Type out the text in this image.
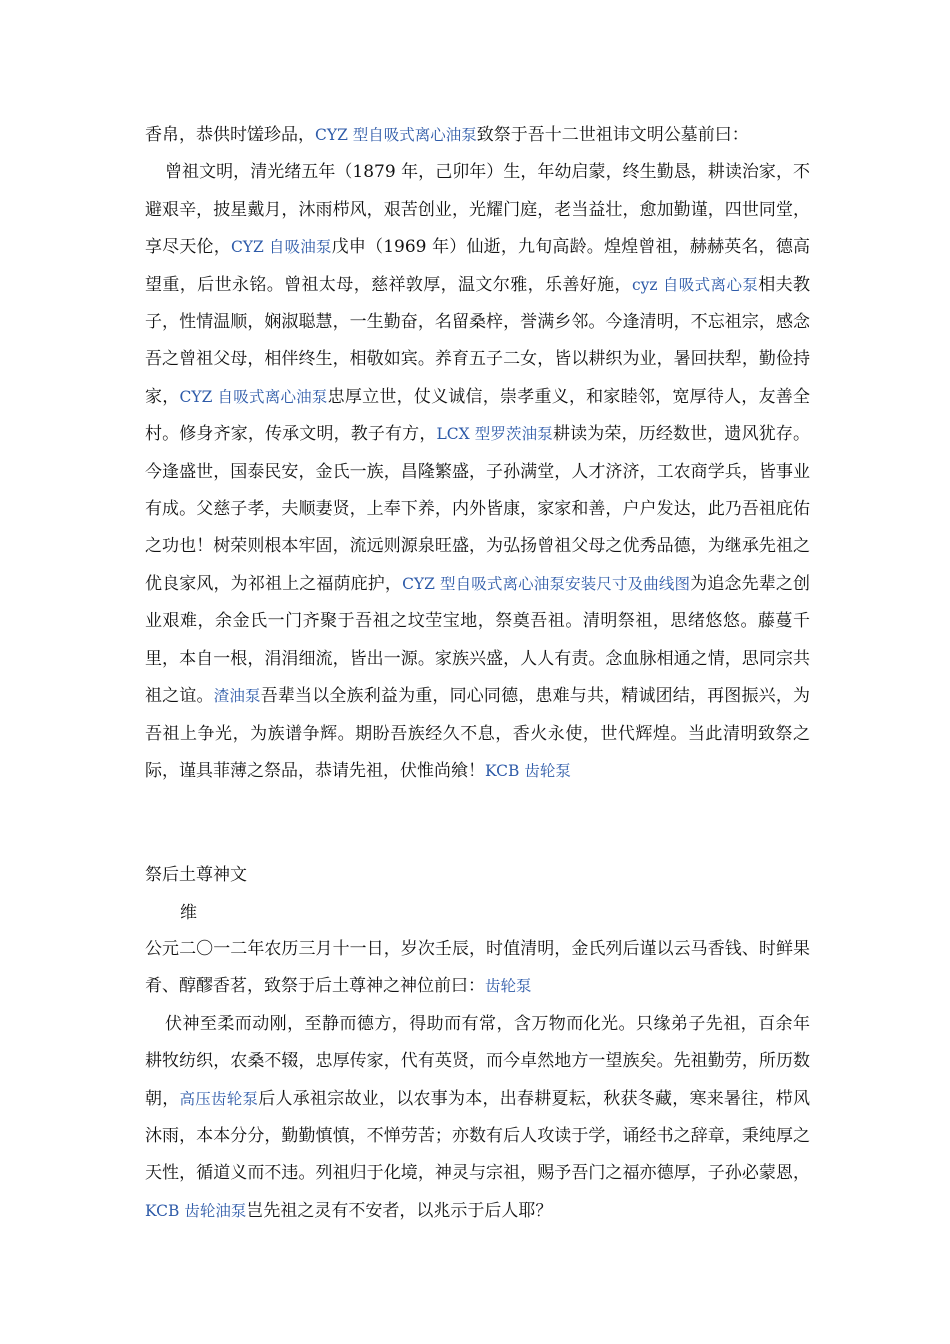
香帛，恭供时馐珍品，CYZ 型自吸式离心油泵致祭于吾十二世祖讳文明公墓前曰：
曾祖文明，清光绪五年（1879 年，己卯年）生，年幼启蒙，终生勤恳，耕读治家，不避艰辛，披星戴月，沐雨栉风，艰苦创业，光耀门庭，老当益壮，愈加勤谨，四世同堂，享尽天伦，CYZ 自吸油泵戊申（1969 年）仙逝，九旬高龄。煌煌曾祖，赫赫英名，德高望重，后世永铭。曾祖太母，慈祥敦厚，温文尔雅，乐善好施，cyz 自吸式离心泵相夫教子，性情温顺，娴淑聪慧，一生勤奋，名留桑梓，誉满乡邻。今逢清明，不忘祖宗，感念吾之曾祖父母，相伴终生，相敬如宾。养育五子二女，皆以耕织为业，暑回扶犁，勤俭持家，CYZ 自吸式离心油泵忠厚立世，仗义诚信，崇孝重义，和家睦邻，宽厚待人，友善全村。修身齐家，传承文明，教子有方，LCX 型罗茨油泵耕读为荣，历经数世，遗风犹存。今逢盛世，国泰民安，金氏一族，昌隆繁盛，子孙满堂，人才济济，工农商学兵，皆事业有成。父慈子孝，夫顺妻贤，上奉下养，内外皆康，家家和善，户户发达，此乃吾祖庇佑之功也！树荣则根本牢固，流远则源泉旺盛，为弘扬曾祖父母之优秀品德，为继承先祖之优良家风，为祁祖上之福荫庇护，CYZ 型自吸式离心油泵安装尺寸及曲线图为追念先辈之创业艰难，余金氏一门齐聚于吾祖之坟茔宝地，祭奠吾祖。清明祭祖，思绪悠悠。藤蔓千里，本自一根，涓涓细流，皆出一源。家族兴盛，人人有责。念血脉相通之情，思同宗共祖之谊。渣油泵吾辈当以全族利益为重，同心同德，患难与共，精诚团结，再图振兴，为吾祖上争光，为族谱争辉。期盼吾族经久不息，香火永使，世代辉煌。当此清明致祭之际，谨具菲薄之祭品，恭请先祖，伏惟尚飨！KCB 齿轮泵
祭后土尊神文
维
公元二〇一二年农历三月十一日，岁次壬辰，时值清明，金氏列后谨以云马香钱、时鲜果肴、醇醪香茗，致祭于后土尊神之神位前曰：齿轮泵
伏神至柔而动刚，至静而德方，得助而有常，含万物而化光。只缘弟子先祖，百余年耕牧纺织，农桑不辍，忠厚传家，代有英贤，而今卓然地方一望族矣。先祖勤劳，所历数朝，高压齿轮泵后人承祖宗故业，以农事为本，出春耕夏耘，秋获冬藏，寒来暑往，栉风沐雨，本本分分，勤勤慎慎，不惮劳苦；亦数有后人攻读于学，诵经书之辞章，秉纯厚之天性，循道义而不违。列祖归于化境，神灵与宗祖，赐予吾门之福亦德厚，子孙必蒙恩，KCB 齿轮油泵岂先祖之灵有不安者，以兆示于后人耶？
